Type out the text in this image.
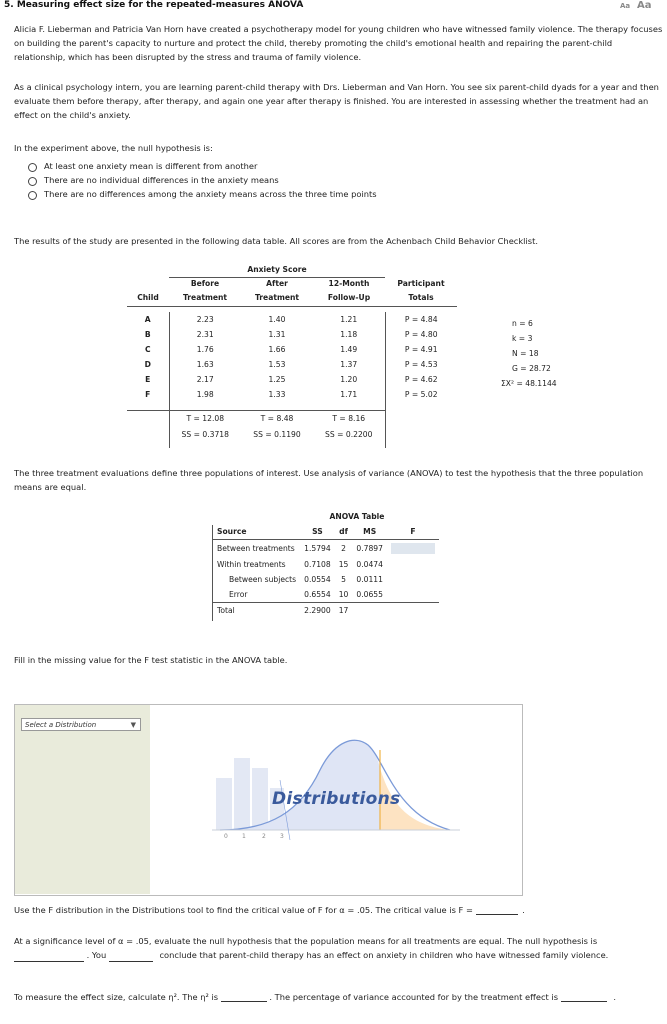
5. Measuring effect size for the repeated-measures ANOVA	Aa Aa
Alicia F. Lieberman and Patricia Van Horn have created a psychotherapy model for young children who have witnessed family violence. The therapy focuses on building the parent's capacity to nurture and protect the child, thereby promoting the child's emotional health and repairing the parent-child relationship, which has been disrupted by the stress and trauma of family violence.
As a clinical psychology intern, you are learning parent-child therapy with Drs. Lieberman and Van Horn. You see six parent-child dyads for a year and then evaluate them before therapy, after therapy, and again one year after therapy is finished. You are interested in assessing whether the treatment had an effect on the child's anxiety.
In the experiment above, the null hypothesis is:
At least one anxiety mean is different from another
There are no individual differences in the anxiety means
There are no differences among the anxiety means across the three time points
The results of the study are presented in the following data table. All scores are from the Achenbach Child Behavior Checklist.
	Anxiety Score			
	Before	After	12-Month	Participant
Child	Treatment	Treatment	Follow-Up	Totals

A	2.23	1.40	1.21	P = 4.84
B	2.31	1.31	1.18	P = 4.80
C	1.76	1.66	1.49	P = 4.91
D	1.63	1.53	1.37	P = 4.53
E	2.17	1.25	1.20	P = 4.62
F	1.98	1.33	1.71	P = 5.02

	T = 12.08	T = 8.48	T = 8.16	
	SS = 0.3718	SS = 0.1190	SS = 0.2200	

n = 6
k = 3
N = 18
G = 28.72
ΣX² = 48.1144
The three treatment evaluations define three populations of interest. Use analysis of variance (ANOVA) to test the hypothesis that the three population means are equal.
ANOVA Table				
Source	SS	df	MS	F
Between treatments	1.5794	2	0.7897	

Within treatments	0.7108	15	0.0474	
Between subjects	0.0554	5	0.0111	
Error	0.6554	10	0.0655	
Total	2.2900	17		
Fill in the missing value for the F test statistic in the ANOVA table.
Select a Distribution	▼
0 1	2 3
Distributions
Use the F distribution in the Distributions tool to find the critical value of F for α = .05. The critical value is F =	.
At a significance level of α = .05, evaluate the null hypothesis that the population means for all treatments are equal. The null hypothesis is
. You	conclude that parent-child therapy has an effect on anxiety in children who have witnessed family violence.
To measure the effect size, calculate η². The η² is	. The percentage of variance accounted for by the treatment effect is	.
